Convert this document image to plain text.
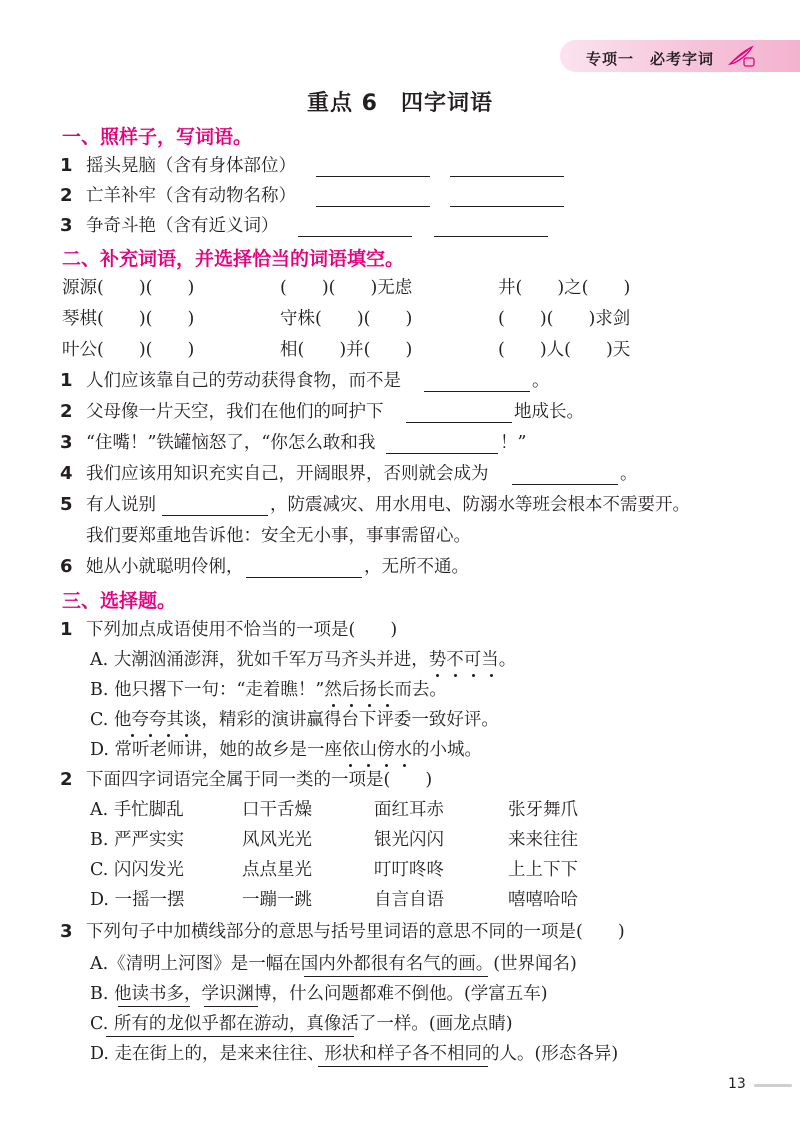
专项一　必考字词
重点 6　四字词语
一、照样子，写词语。
1 摇头晃脑（含有身体部位）
2 亡羊补牢（含有动物名称）
3 争奇斗艳（含有近义词）
二、补充词语，并选择恰当的词语填空。
源源(　　)(　　)	(　　)(　　)无虑	井(　　)之(　　)
琴棋(　　)(　　)	守株(　　)(　　)	(　　)(　　)求剑
叶公(　　)(　　)	相(　　)并(　　)	(　　)人(　　)天
1 人们应该靠自己的劳动获得食物，而不是	。
2 父母像一片天空，我们在他们的呵护下	地成长。
3 “住嘴！”铁罐恼怒了，“你怎么敢和我	！”
4 我们应该用知识充实自己，开阔眼界，否则就会成为	。
5 有人说别	，防震减灾、用水用电、防溺水等班会根本不需要开。
我们要郑重地告诉他：安全无小事，事事需留心。
6 她从小就聪明伶俐，	，无所不通。
三、选择题。
1 下列加点成语使用不恰当的一项是(　　)
A. 大潮汹涌澎湃，犹如千军万马齐头并进，势不可当。
B. 他只撂下一句：“走着瞧！”然后扬长而去。
C. 他夸夸其谈，精彩的演讲赢得台下评委一致好评。
D. 常听老师讲，她的故乡是一座依山傍水的小城。
2 下面四字词语完全属于同一类的一项是(　　)
A. 手忙脚乱	口干舌燥	面红耳赤	张牙舞爪
B. 严严实实	风风光光	银光闪闪	来来往往
C. 闪闪发光	点点星光	叮叮咚咚	上上下下
D. 一摇一摆	一蹦一跳	自言自语	嘻嘻哈哈
3 下列句子中加横线部分的意思与括号里词语的意思不同的一项是(　　)
A.《清明上河图》是一幅在国内外都很有名气的画。(世界闻名)
B. 他读书多，学识渊博，什么问题都难不倒他。(学富五车)
C. 所有的龙似乎都在游动，真像活了一样。(画龙点睛)
D. 走在街上的，是来来往往、形状和样子各不相同的人。(形态各异)
13
